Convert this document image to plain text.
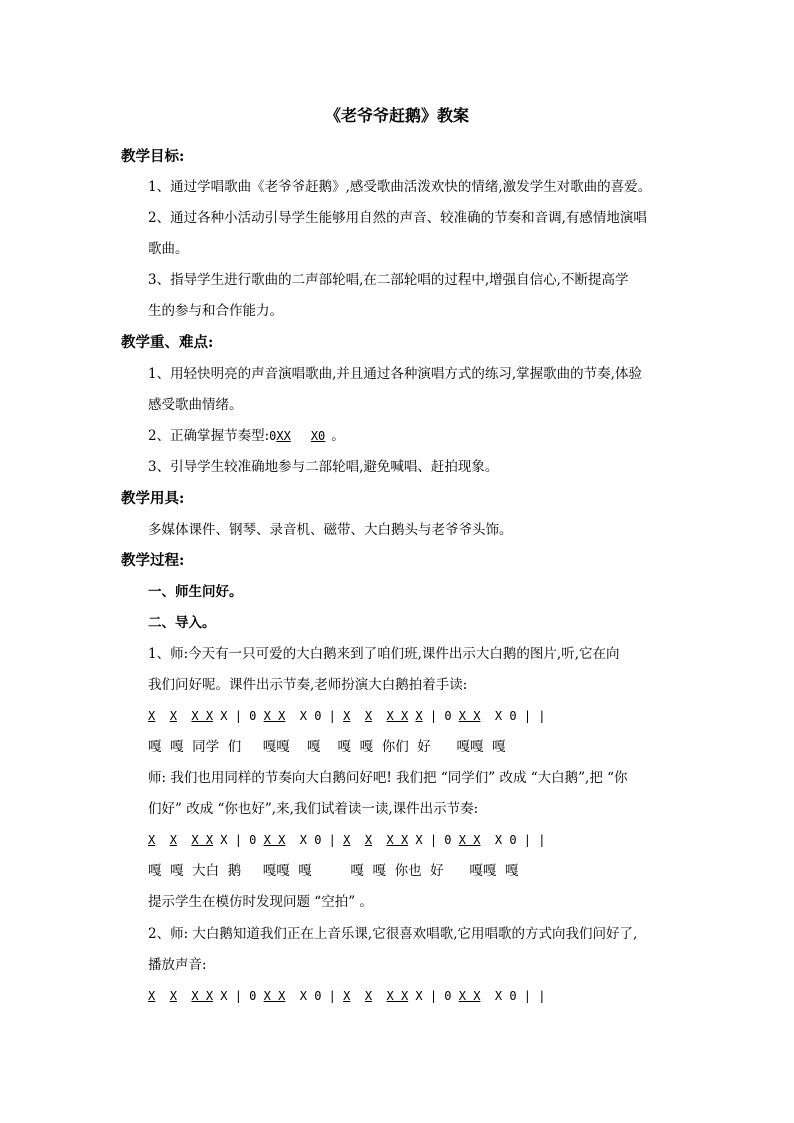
《老爷爷赶鹅》教案
教学目标:
1、通过学唱歌曲《老爷爷赶鹅》,感受歌曲活泼欢快的情绪,激发学生对歌曲的喜爱。
2、通过各种小活动引导学生能够用自然的声音、较准确的节奏和音调,有感情地演唱
歌曲。
3、指导学生进行歌曲的二声部轮唱,在二部轮唱的过程中,增强自信心,不断提高学
生的参与和合作能力。
教学重、难点:
1、用轻快明亮的声音演唱歌曲,并且通过各种演唱方式的练习,掌握歌曲的节奏,体验
感受歌曲情绪。
2、正确掌握节奏型:0XX X0 。
3、引导学生较准确地参与二部轮唱,避免喊唱、赶拍现象。
教学用具:
多媒体课件、钢琴、录音机、磁带、大白鹅头与老爷爷头饰。
教学过程:
一、师生问好。
二、导入。
1、师:今天有一只可爱的大白鹅来到了咱们班,课件出示大白鹅的图片,听,它在向
我们问好呢。课件出示节奏,老师扮演大白鹅拍着手读:
X X X X X | 0 X X  X 0 | X X X X X | 0 X X  X 0 | |
嘎  嘎  同学  们     嘎嘎    嘎    嘎  嘎  你们  好      嘎嘎  嘎
师: 我们也用同样的节奏向大白鹅问好吧! 我们把 “同学们” 改成 “大白鹅”,把 “你
们好” 改成 “你也好”,来,我们试着读一读,课件出示节奏:
X X X X X | 0 X X  X 0 | X X X X X | 0 X X  X 0 | |
嘎  嘎  大白  鹅     嘎嘎  嘎         嘎  嘎  你也  好      嘎嘎  嘎
提示学生在模仿时发现问题 “空拍” 。
2、师: 大白鹅知道我们正在上音乐课,它很喜欢唱歌,它用唱歌的方式向我们问好了,
播放声音:
X X X X X | 0 X X  X 0 | X X X X X | 0 X X  X 0 | |
